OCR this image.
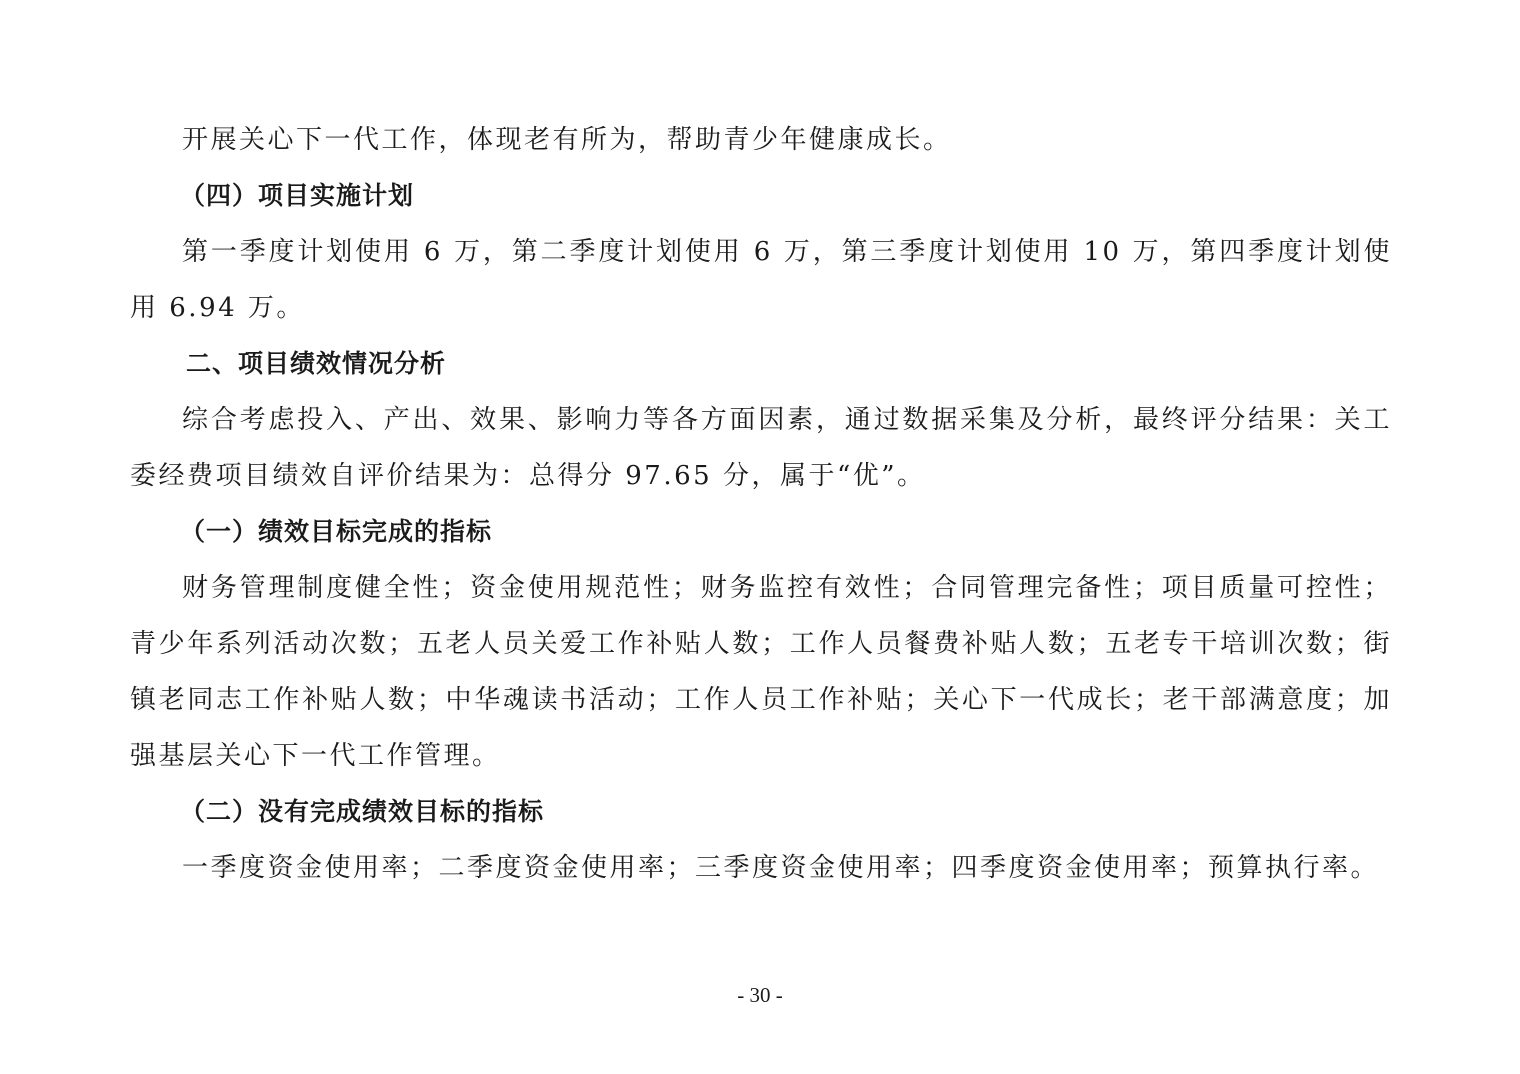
开展关心下一代工作，体现老有所为，帮助青少年健康成长。

（四）项目实施计划

第一季度计划使用 6 万，第二季度计划使用 6 万，第三季度计划使用 10 万，第四季度计划使用 6.94 万。

二、项目绩效情况分析

综合考虑投入、产出、效果、影响力等各方面因素，通过数据采集及分析，最终评分结果：关工委经费项目绩效自评价结果为：总得分 97.65 分，属于“优”。

（一）绩效目标完成的指标

财务管理制度健全性；资金使用规范性；财务监控有效性；合同管理完备性；项目质量可控性；青少年系列活动次数；五老人员关爱工作补贴人数；工作人员餐费补贴人数；五老专干培训次数；街镇老同志工作补贴人数；中华魂读书活动；工作人员工作补贴；关心下一代成长；老干部满意度；加强基层关心下一代工作管理。

（二）没有完成绩效目标的指标

一季度资金使用率；二季度资金使用率；三季度资金使用率；四季度资金使用率；预算执行率。

- 30 -
